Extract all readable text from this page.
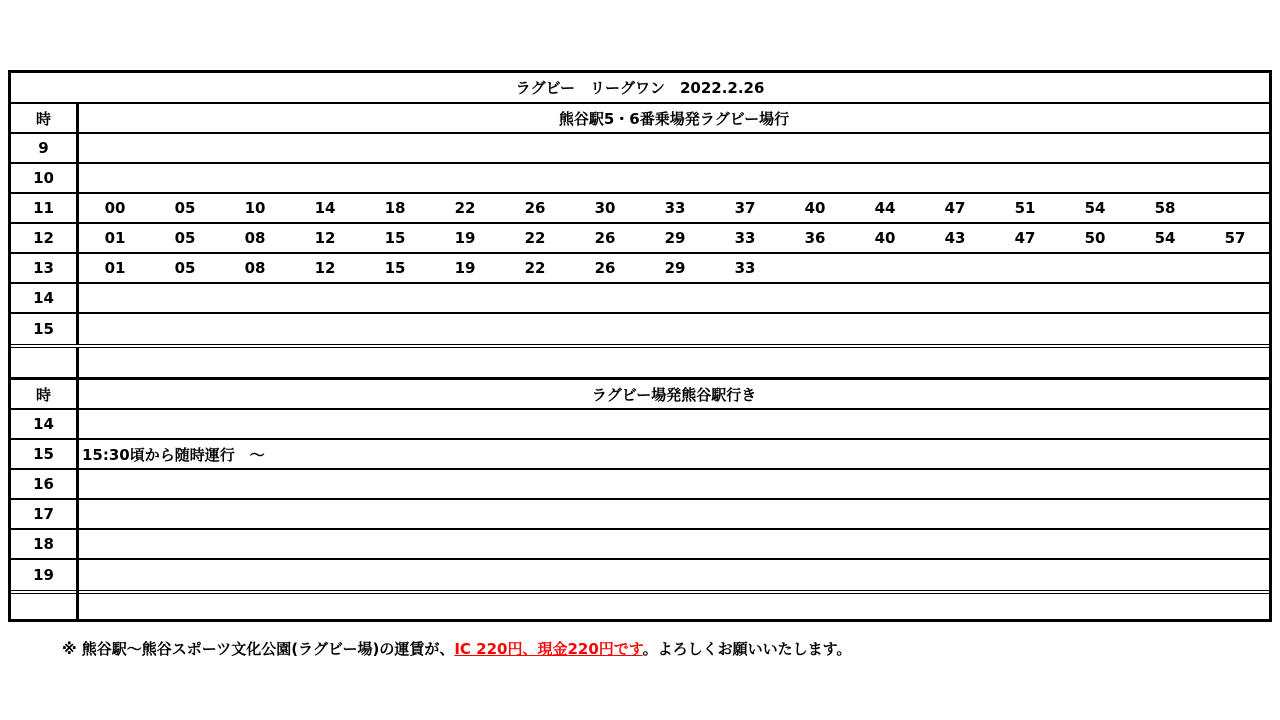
ラグビー　リーグワン　2022.2.26
時	熊谷駅5・6番乗場発ラグビー場行
9
10
11	00	05	10	14	18	22	26	30	33	37	40	44	47	51	54	58
12	01	05	08	12	15	19	22	26	29	33	36	40	43	47	50	54	57
13	01	05	08	12	15	19	22	26	29	33
14
15
時	ラグビー場発熊谷駅行き
14
15	15:30頃から随時運行　～
16
17
18
19
※ 熊谷駅～熊谷スポーツ文化公園(ラグビー場)の運賃が、IC 220円、現金220円です。よろしくお願いいたします。
